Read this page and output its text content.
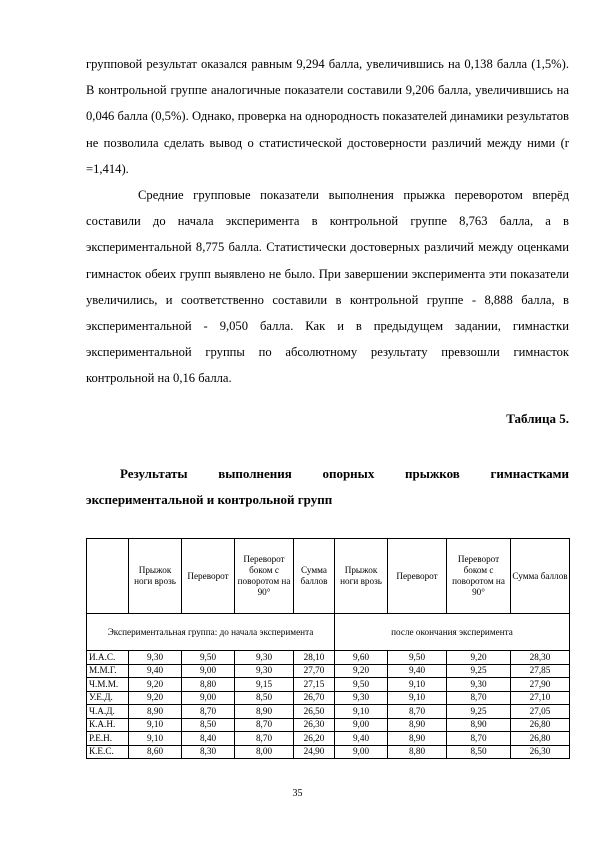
групповой результат оказался равным 9,294 балла, увеличившись на 0,138 балла (1,5%). В контрольной группе аналогичные показатели составили 9,206 балла, увеличившись на 0,046 балла (0,5%). Однако, проверка на однородность показателей динамики результатов не позволила сделать вывод о статистической достоверности различий между ними (r =1,414).

Средние групповые показатели выполнения прыжка переворотом вперёд составили до начала эксперимента в контрольной группе 8,763 балла, а в экспериментальной 8,775 балла. Статистически достоверных различий между оценками гимнасток обеих групп выявлено не было. При завершении эксперимента эти показатели увеличились, и соответственно составили в контрольной группе - 8,888 балла, в экспериментальной - 9,050 балла. Как и в предыдущем задании, гимнастки экспериментальной группы по абсолютному результату превзошли гимнасток контрольной на 0,16 балла.

Таблица 5.

Результаты выполнения опорных прыжков гимнастками экспериментальной и контрольной групп

	Прыжок ноги врозь	Переворот	Переворот боком с поворотом на 90°	Сумма баллов	Прыжок ноги врозь	Переворот	Переворот боком с поворотом на 90°	Сумма баллов
Экспериментальная группа: до начала эксперимента					после окончания эксперимента			
И.А.С.	9,30	9,50	9,30	28,10	9,60	9,50	9,20	28,30
М.М.Г.	9,40	9,00	9,30	27,70	9,20	9,40	9,25	27,85
Ч.М.М.	9,20	8,80	9,15	27,15	9,50	9,10	9,30	27,90
У.Е.Д.	9,20	9,00	8,50	26,70	9,30	9,10	8,70	27,10
Ч.А.Д.	8,90	8,70	8,90	26,50	9,10	8,70	9,25	27,05
К.А.Н.	9,10	8,50	8,70	26,30	9,00	8,90	8,90	26,80
Р.Е.Н.	9,10	8,40	8,70	26,20	9,40	8,90	8,70	26,80
К.Е.С.	8,60	8,30	8,00	24,90	9,00	8,80	8,50	26,30

35
